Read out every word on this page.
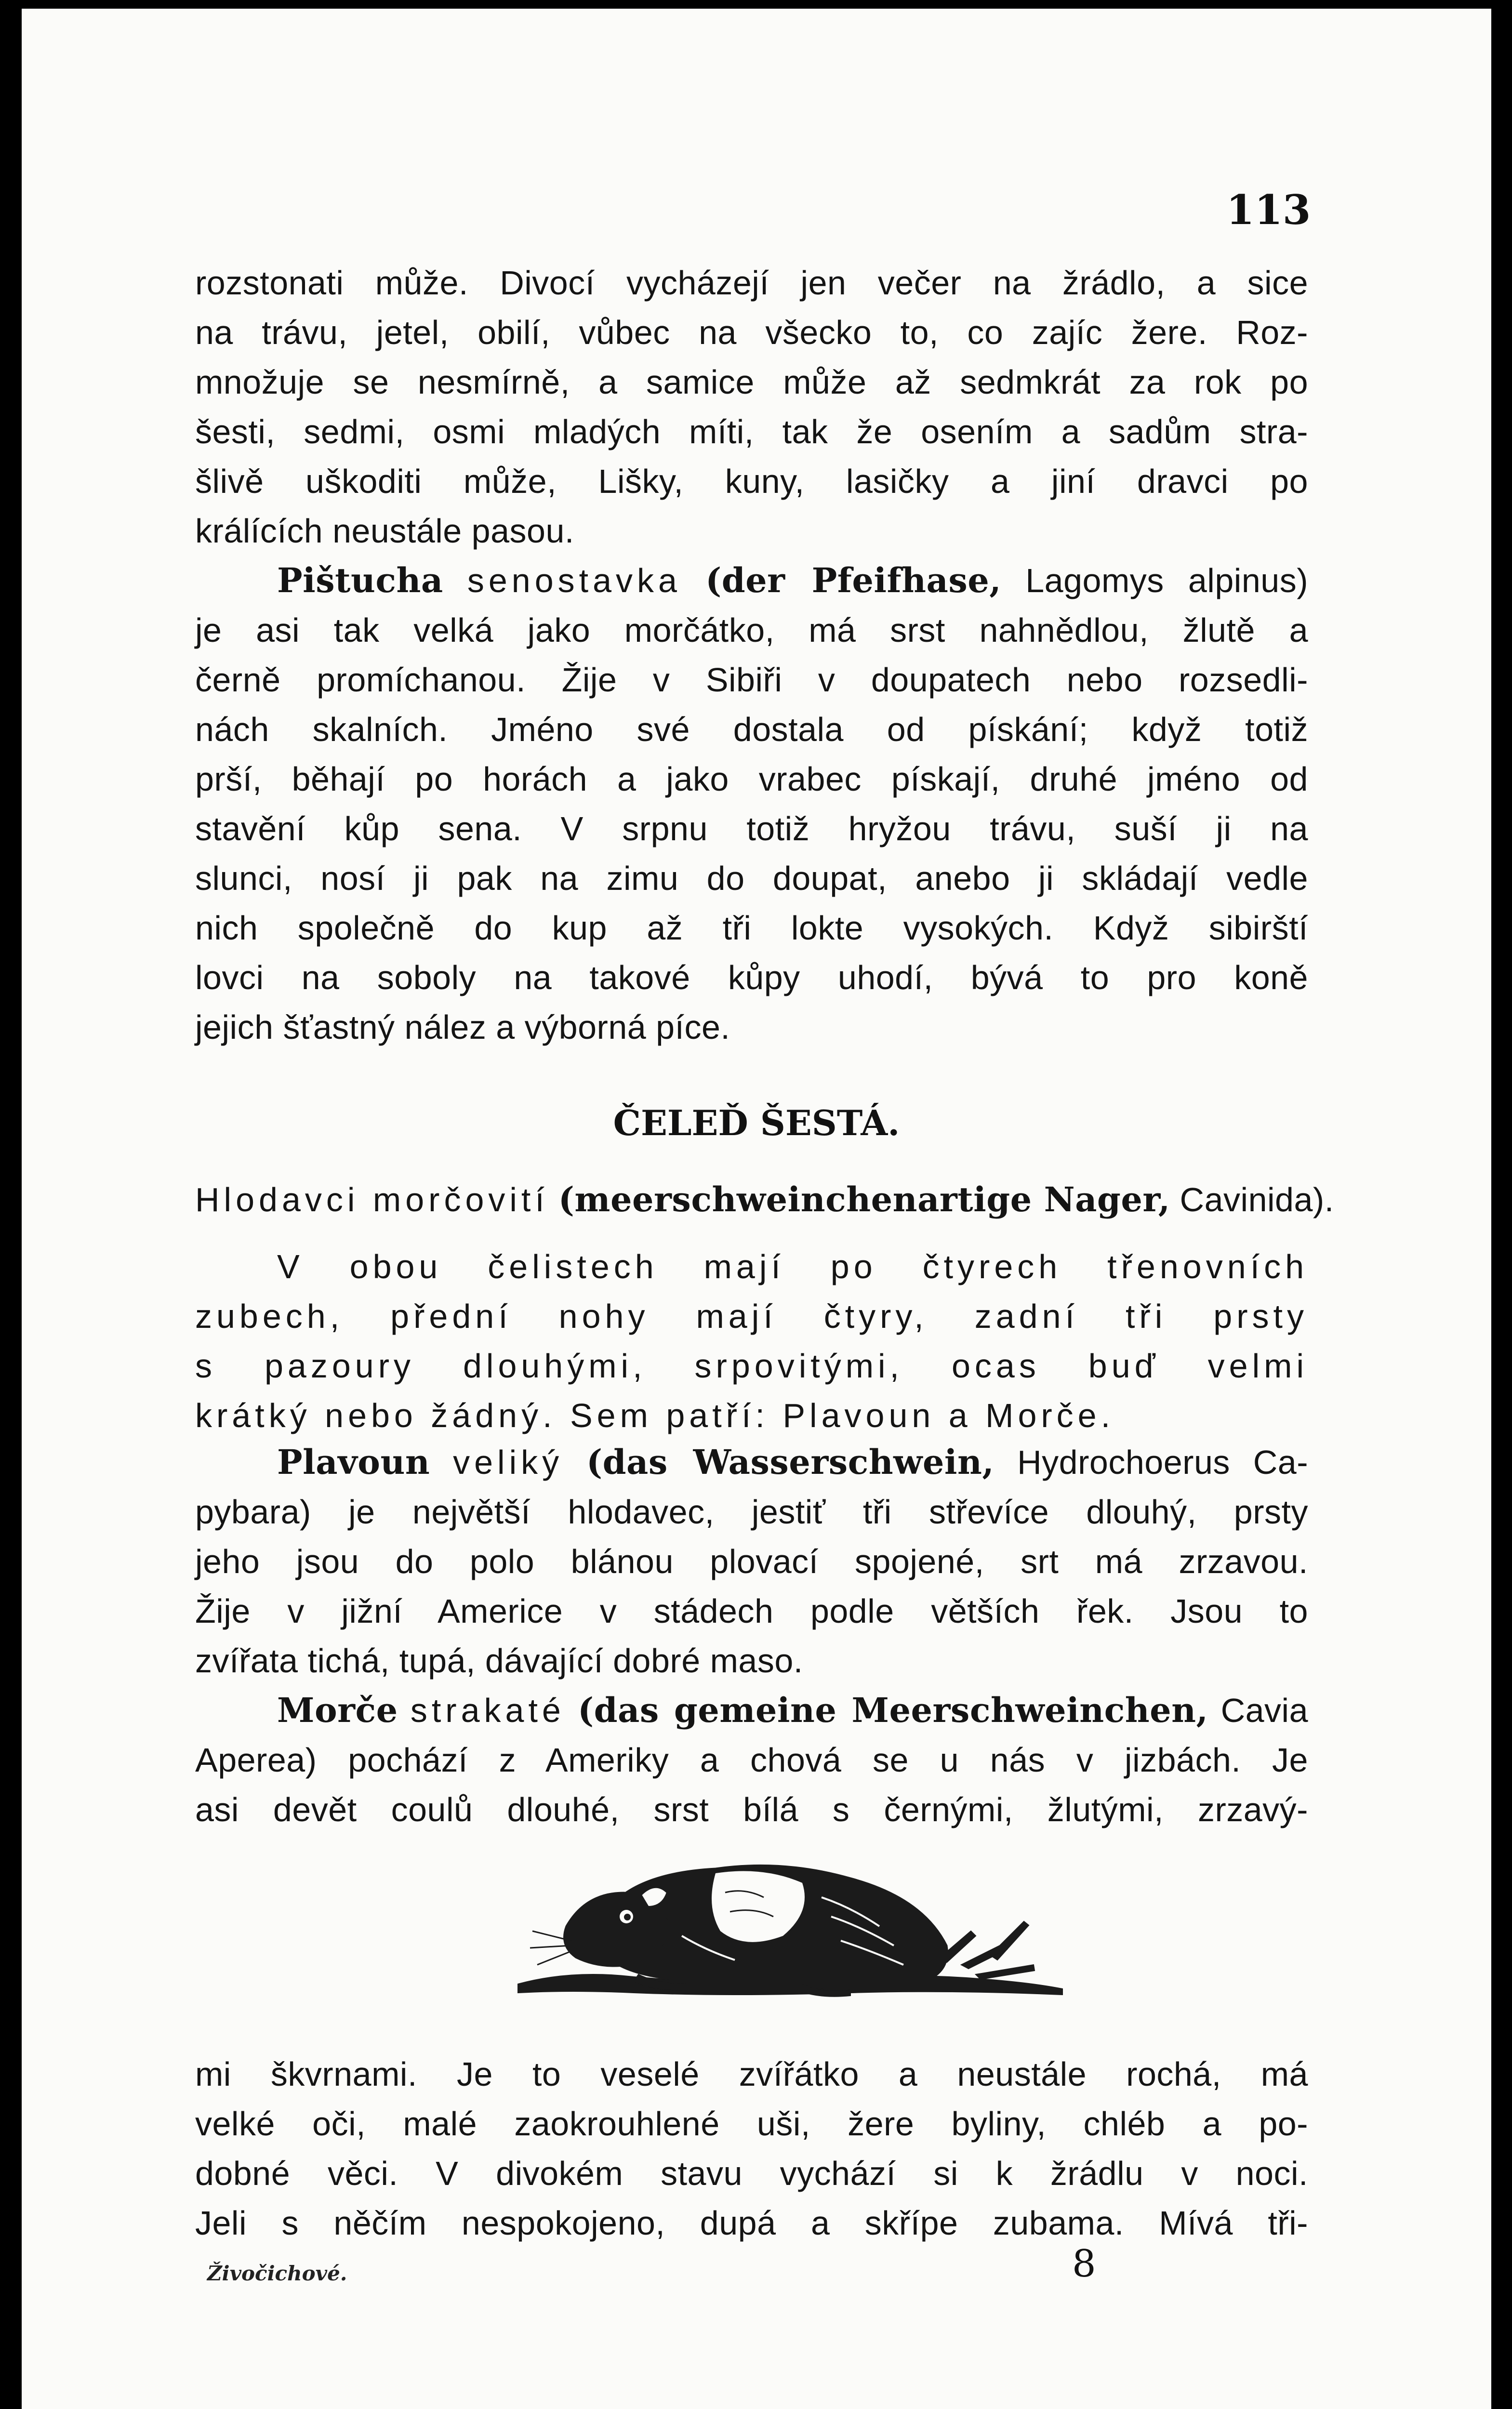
113
rozstonati může. Divocí vycházejí jen večer na žrádlo, a sice
na trávu, jetel, obilí, vůbec na všecko to, co zajíc žere. Roz-
množuje se nesmírně, a samice může až sedmkrát za rok po
šesti, sedmi, osmi mladých míti, tak že osením a sadům stra-
šlivě uškoditi může, Lišky, kuny, lasičky a jiní dravci po
králících neustále pasou.
Pištucha senostavka (der Pfeifhase, Lagomys alpinus)
je asi tak velká jako morčátko, má srst nahnědlou, žlutě a
černě promíchanou. Žije v Sibiři v doupatech nebo rozsedli-
nách skalních. Jméno své dostala od pískání; když totiž
prší, běhají po horách a jako vrabec pískají, druhé jméno od
stavění kůp sena. V srpnu totiž hryžou trávu, suší ji na
slunci, nosí ji pak na zimu do doupat, anebo ji skládají vedle
nich společně do kup až tři lokte vysokých. Když sibirští
lovci na soboly na takové kůpy uhodí, bývá to pro koně
jejich šťastný nález a výborná píce.
ČELEĎ ŠESTÁ.
Hlodavci morčovití (meerschweinchenartige Nager, Cavinida).
V obou čelistech mají po čtyrech třenovních
zubech, přední nohy mají čtyry, zadní tři prsty
s pazoury dlouhými, srpovitými, ocas buď velmi
krátký nebo žádný. Sem patří: Plavoun a Morče.
Plavoun veliký (das Wasserschwein, Hydrochoerus Ca-
pybara) je největší hlodavec, jestiť tři střevíce dlouhý, prsty
jeho jsou do polo blánou plovací spojené, srt má zrzavou.
Žije v jižní Americe v stádech podle větších řek. Jsou to
zvířata tichá, tupá, dávající dobré maso.
Morče strakaté (das gemeine Meerschweinchen, Cavia
Aperea) pochází z Ameriky a chová se u nás v jizbách. Je
asi devět coulů dlouhé, srst bílá s černými, žlutými, zrzavý-
mi škvrnami. Je to veselé zvířátko a neustále rochá, má
velké oči, malé zaokrouhlené uši, žere byliny, chléb a po-
dobné věci. V divokém stavu vychází si k žrádlu v noci.
Jeli s něčím nespokojeno, dupá a skřípe zubama. Mívá tři-
Živočichové.	8
